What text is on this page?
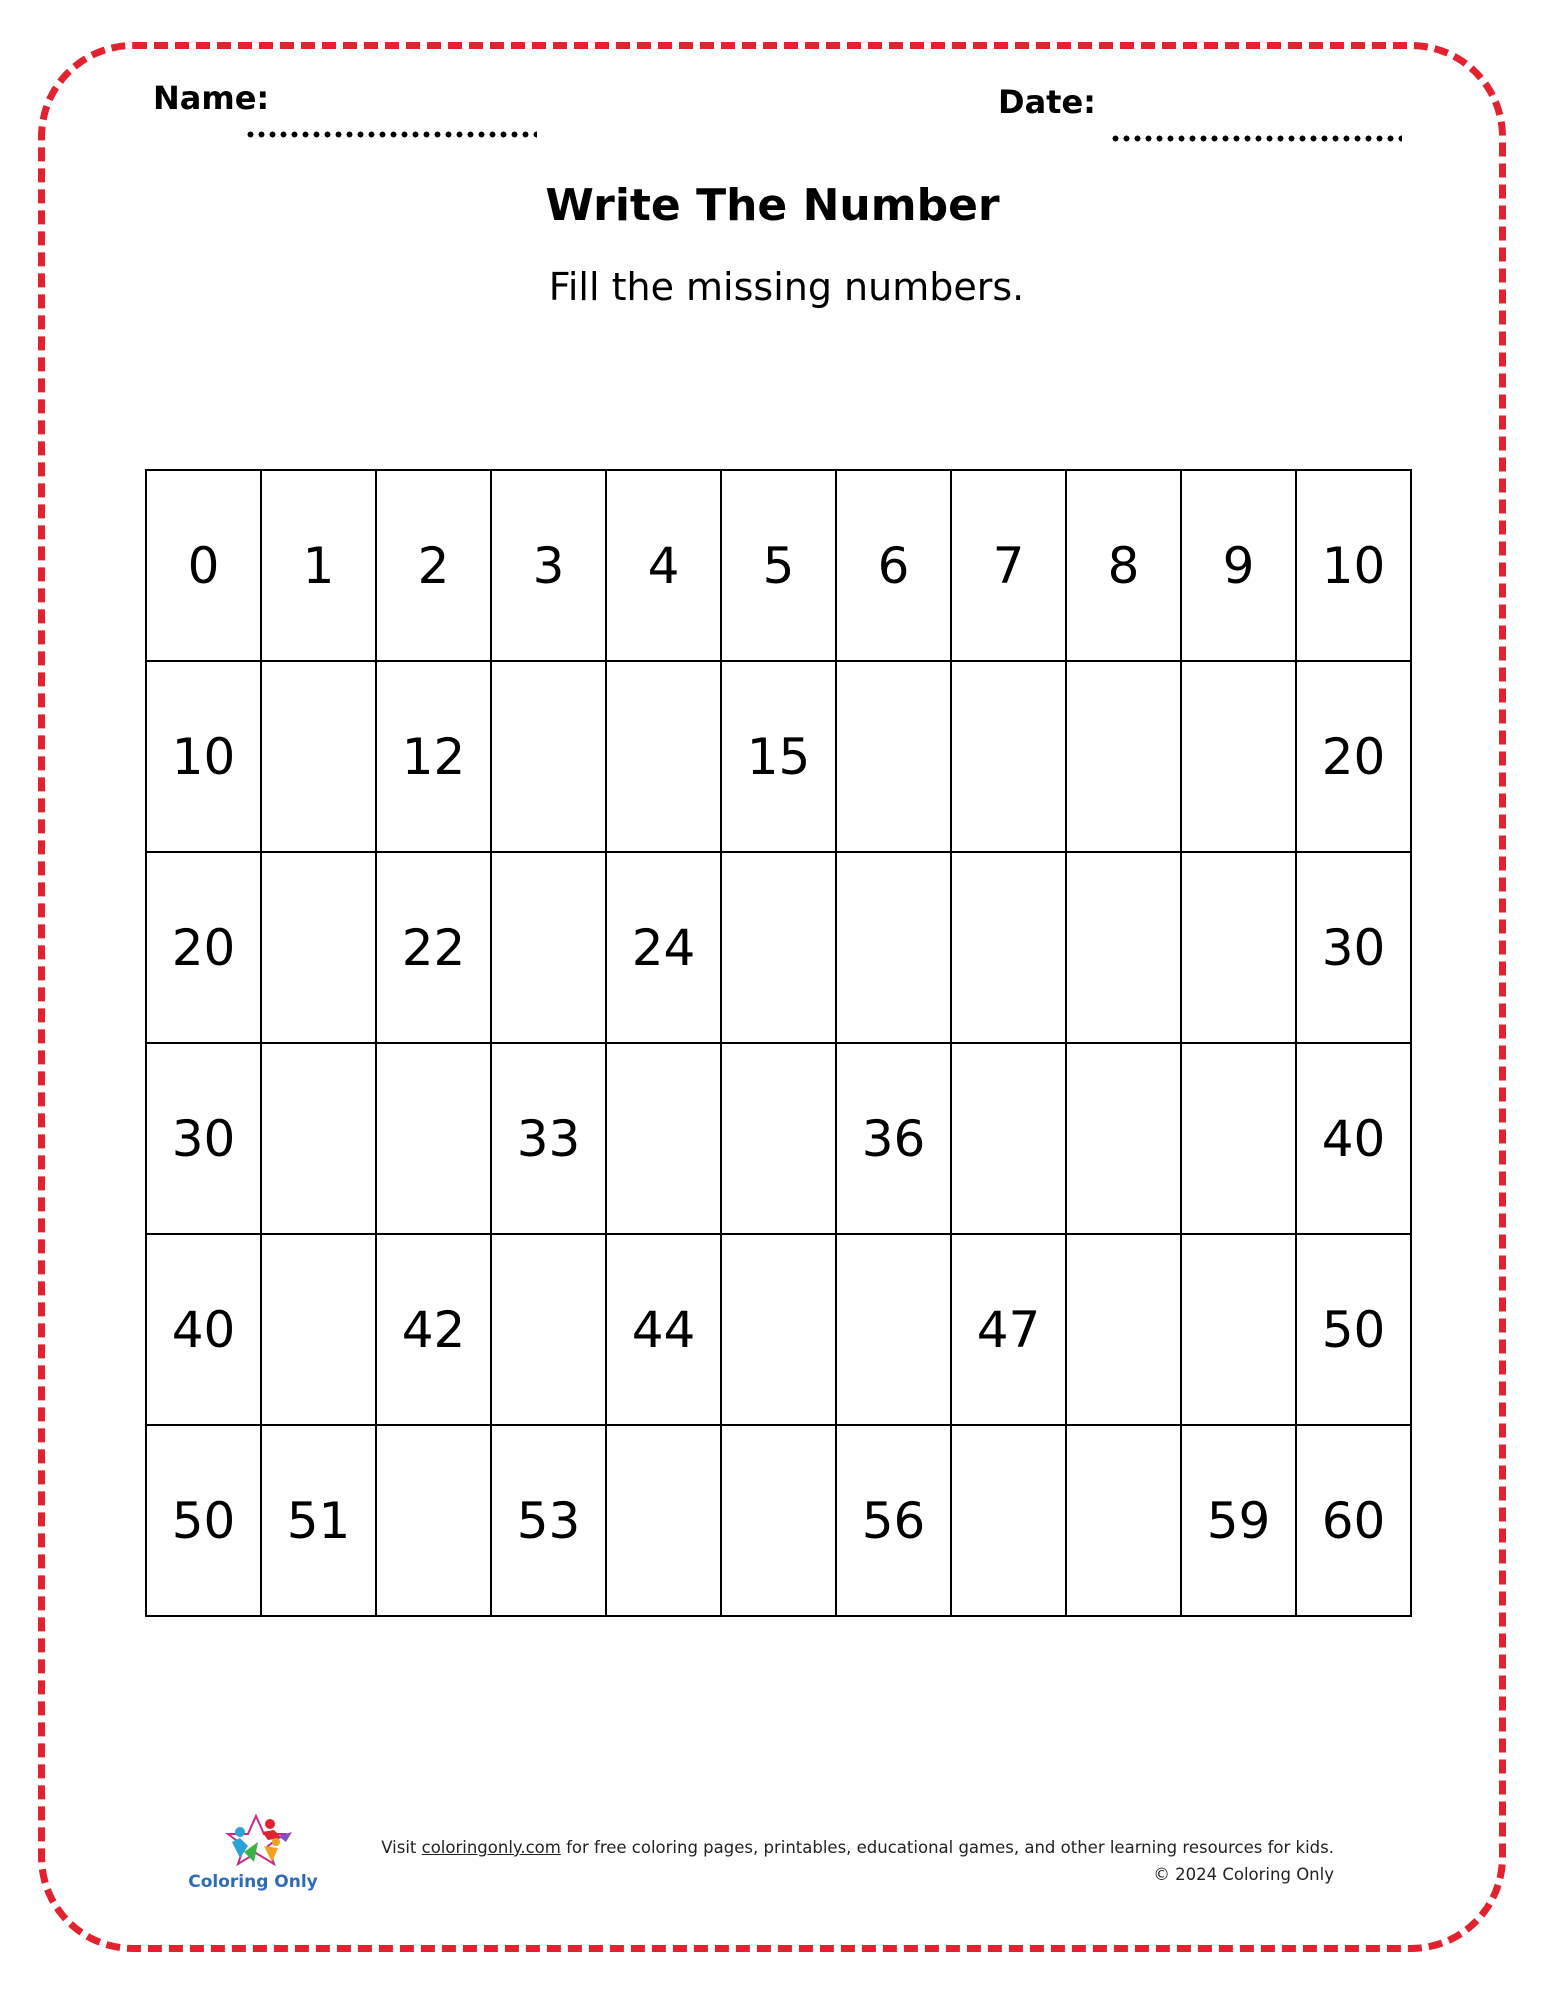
Name:	Date:
Write The Number
Fill the missing numbers.
0	1	2	3	4	5	6	7	8	9	10
10		12			15					20
20		22		24						30
30			33			36				40
40		42		44			47			50
50	51		53			56			59	60
Coloring Only
Visit coloringonly.com for free coloring pages, printables, educational games, and other learning resources for kids.
© 2024 Coloring Only
